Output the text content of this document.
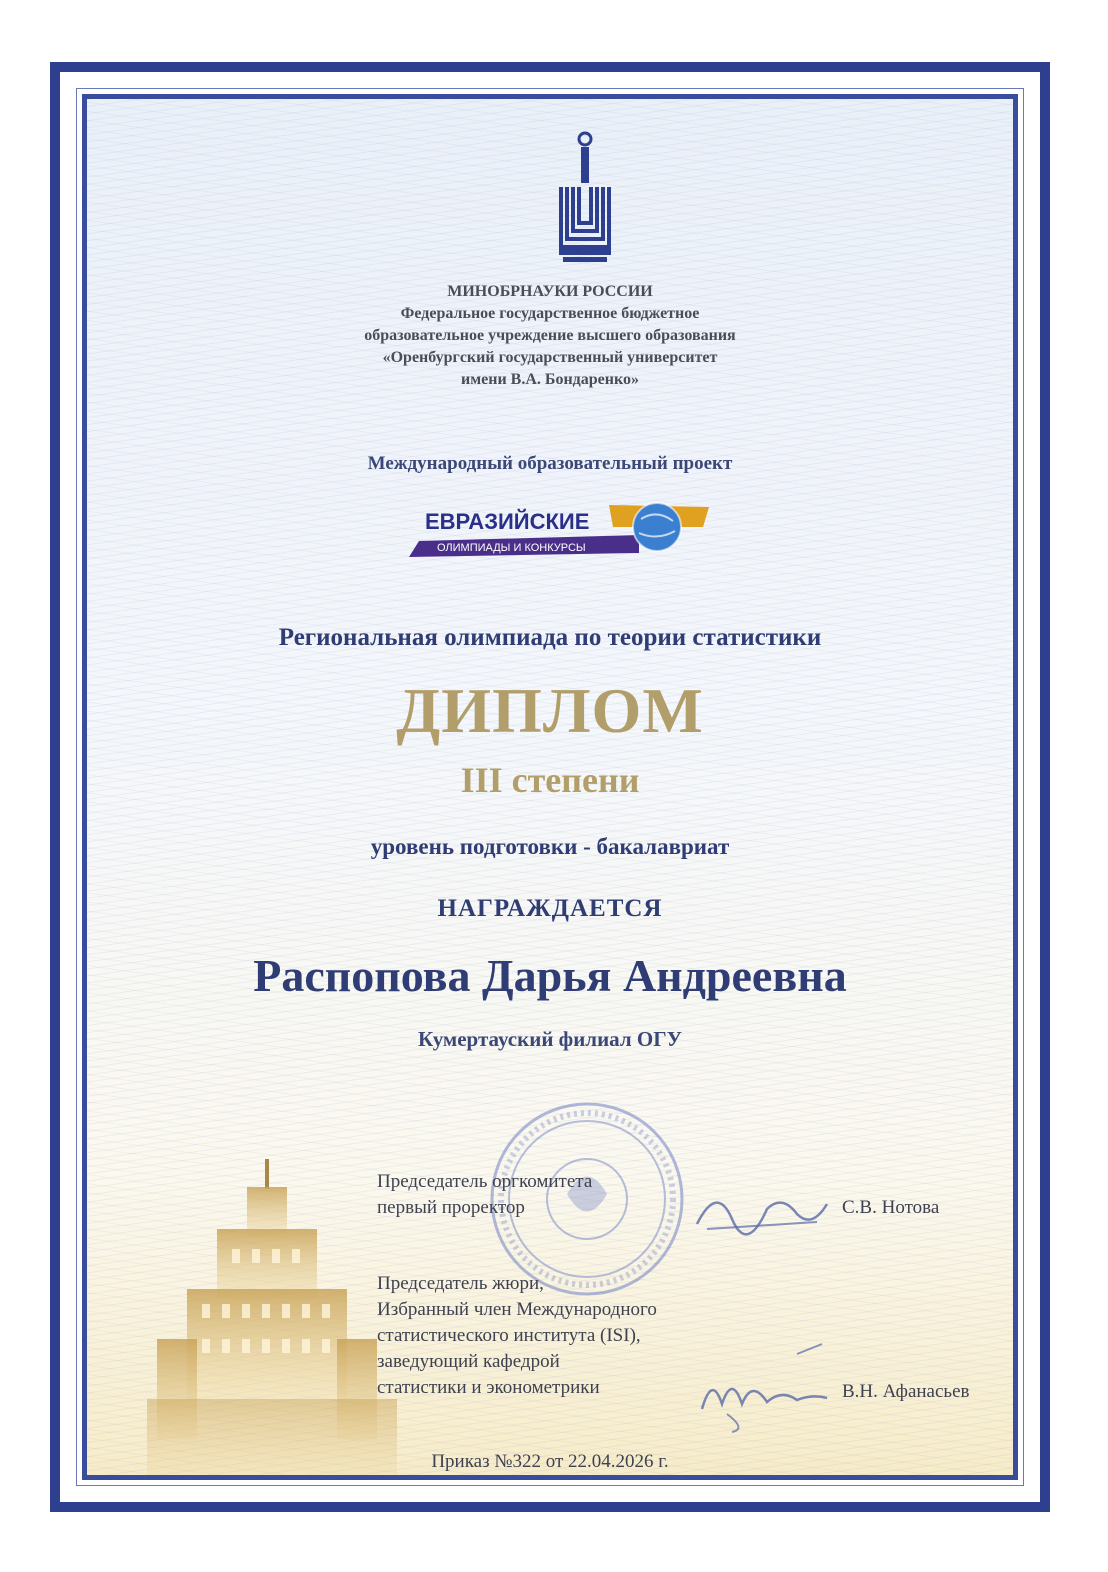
МИНОБРНАУКИ РОССИИ
Федеральное государственное бюджетное
образовательное учреждение высшего образования
«Оренбургский государственный университет
имени В.А. Бондаренко»
Международный образовательный проект
ЕВРАЗИЙСКИЕ
ОЛИМПИАДЫ И КОНКУРСЫ
Региональная олимпиада по теории статистики
ДИПЛОМ
III степени
уровень подготовки - бакалавриат
НАГРАЖДАЕТСЯ
Распопова Дарья Андреевна
Кумертауский филиал ОГУ
Председатель оргкомитета
первый проректор	С.В. Нотова
Председатель жюри,
Избранный член Международного
статистического института (ISI),
заведующий кафедрой
статистики и эконометрики	В.Н. Афанасьев
Приказ №322 от 22.04.2026 г.
